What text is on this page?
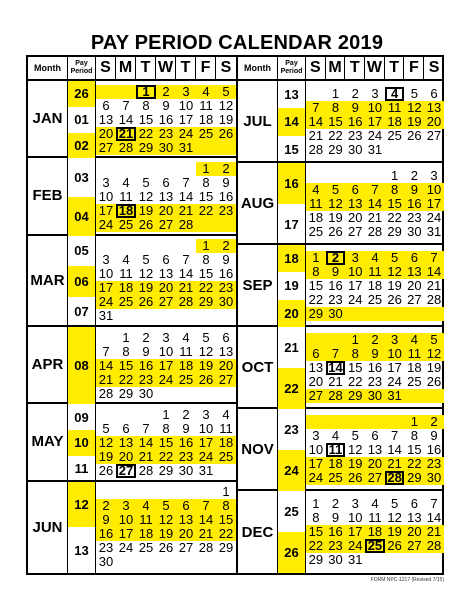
PAY PERIOD CALENDAR 2019
Month	Pay Period S M T W T F S
JAN
26
01
02
1 2 3 4 5
6 7 8 9 10 11 12
13 14 15 16 17 18 19
20 21 22 23 24 25 26
27 28 29 30 31
FEB
03
04
1 2
3 4 5 6 7 8 9
10 11 12 13 14 15 16
17 18 19 20 21 22 23
24 25 26 27 28
MAR
05
06
07
1 2
3 4 5 6 7 8 9
10 11 12 13 14 15 16
17 18 19 20 21 22 23
24 25 26 27 28 29 30
31
APR 08
1 2 3 4 5 6
7 8 9 10 11 12 13
14 15 16 17 18 19 20
21 22 23 24 25 26 27
28 29 30
MAY
09
10
11
1 2 3 4
5 6 7 8 9 10 11
12 13 14 15 16 17 18
19 20 21 22 23 24 25
26 27 28 29 30 31
JUN
12
13
1
2 3 4 5 6 7 8
9 10 11 12 13 14 15
16 17 18 19 20 21 22
23 24 25 26 27 28 29
30
Month	Pay Period S M T W T F S
JUL
13
14
15
1 2 3 4 5 6
7 8 9 10 11 12 13
14 15 16 17 18 19 20
21 22 23 24 25 26 27
28 29 30 31
AUG
16
17
1 2 3
4 5 6 7 8 9 10
11 12 13 14 15 16 17
18 19 20 21 22 23 24
25 26 27 28 29 30 31
SEP
18
19
20
1 2 3 4 5 6 7
8 9 10 11 12 13 14
15 16 17 18 19 20 21
22 23 24 25 26 27 28
29 30
OCT
21
22
1 2 3 4 5
6 7 8 9 10 11 12
13 14 15 16 17 18 19
20 21 22 23 24 25 26
27 28 29 30 31
NOV
23
24
1 2
3 4 5 6 7 8 9
10 11 12 13 14 15 16
17 18 19 20 21 22 23
24 25 26 27 28 29 30
DEC
25
26
1 2 3 4 5 6 7
8 9 10 11 12 13 14
15 16 17 18 19 20 21
22 23 24 25 26 27 28
29 30 31
FORM NPC-1217 (Revised 7/15)
